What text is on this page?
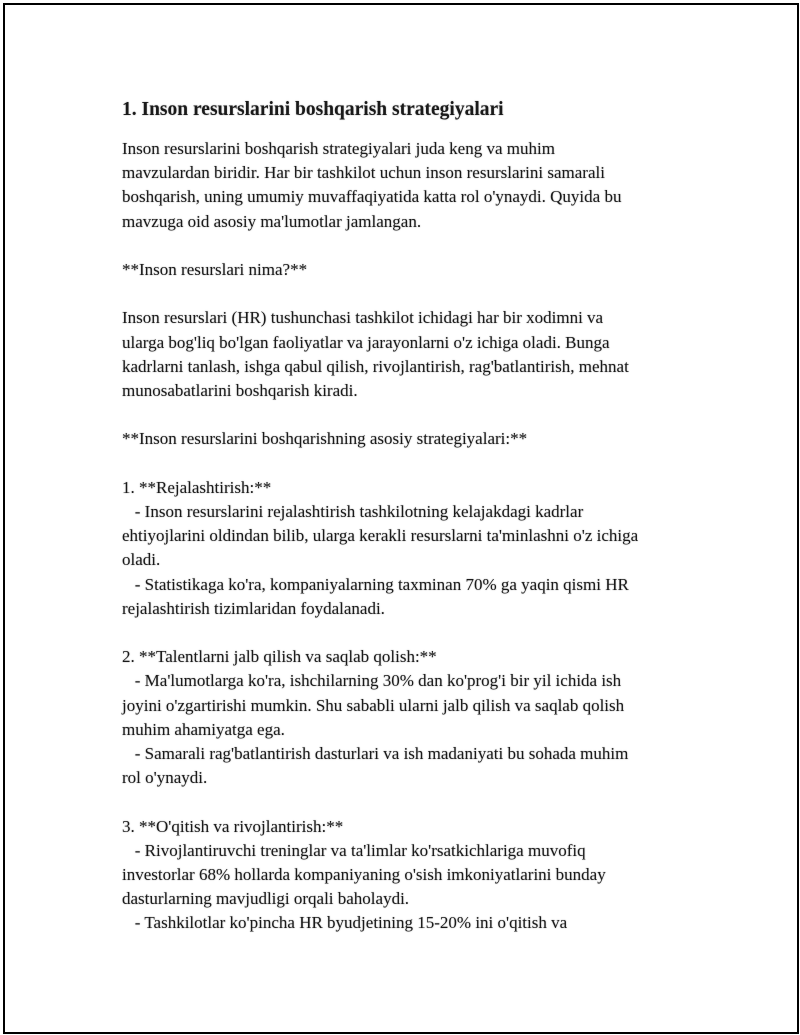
1. Inson resurslarini boshqarish strategiyalari
Inson resurslarini boshqarish strategiyalari juda keng va muhim
mavzulardan biridir. Har bir tashkilot uchun inson resurslarini samarali
boshqarish, uning umumiy muvaffaqiyatida katta rol o'ynaydi. Quyida bu
mavzuga oid asosiy ma'lumotlar jamlangan.
**Inson resurslari nima?**
Inson resurslari (HR) tushunchasi tashkilot ichidagi har bir xodimni va
ularga bog'liq bo'lgan faoliyatlar va jarayonlarni o'z ichiga oladi. Bunga
kadrlarni tanlash, ishga qabul qilish, rivojlantirish, rag'batlantirish, mehnat
munosabatlarini boshqarish kiradi.
**Inson resurslarini boshqarishning asosiy strategiyalari:**
1. **Rejalashtirish:**
- Inson resurslarini rejalashtirish tashkilotning kelajakdagi kadrlar
ehtiyojlarini oldindan bilib, ularga kerakli resurslarni ta'minlashni o'z ichiga
oladi.
- Statistikaga ko'ra, kompaniyalarning taxminan 70% ga yaqin qismi HR
rejalashtirish tizimlaridan foydalanadi.
2. **Talentlarni jalb qilish va saqlab qolish:**
- Ma'lumotlarga ko'ra, ishchilarning 30% dan ko'prog'i bir yil ichida ish
joyini o'zgartirishi mumkin. Shu sababli ularni jalb qilish va saqlab qolish
muhim ahamiyatga ega.
- Samarali rag'batlantirish dasturlari va ish madaniyati bu sohada muhim
rol o'ynaydi.
3. **O'qitish va rivojlantirish:**
- Rivojlantiruvchi treninglar va ta'limlar ko'rsatkichlariga muvofiq
investorlar 68% hollarda kompaniyaning o'sish imkoniyatlarini bunday
dasturlarning mavjudligi orqali baholaydi.
- Tashkilotlar ko'pincha HR byudjetining 15-20% ini o'qitish va
